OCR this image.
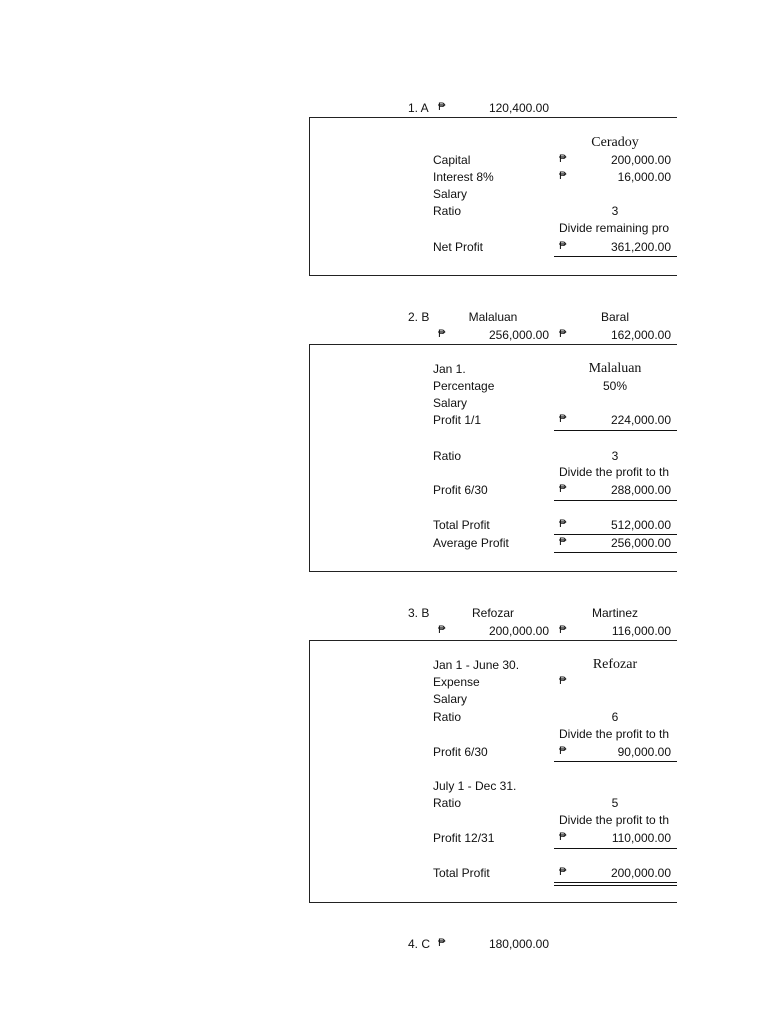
1. A ₱	120,400.00
Ceradoy
Capital	₱	200,000.00
Interest 8%	₱	16,000.00
Salary
Ratio	3
Divide remaining pro
Net Profit	₱	361,200.00
2. B	Malaluan	Baral
₱	256,000.00 ₱	162,000.00
Jan 1.	Malaluan
Percentage	50%
Salary
Profit 1/1	₱	224,000.00
Ratio	3
Divide the profit to th
Profit 6/30	₱	288,000.00
Total Profit	₱	512,000.00
Average Profit	₱	256,000.00
3. B	Refozar	Martinez
₱	200,000.00 ₱	116,000.00
Jan 1 - June 30.	Refozar
Expense	₱
Salary
Ratio	6
Divide the profit to th
Profit 6/30	₱	90,000.00
July 1 - Dec 31.
Ratio	5
Divide the profit to th
Profit 12/31	₱	110,000.00
Total Profit	₱	200,000.00
4. C ₱	180,000.00
